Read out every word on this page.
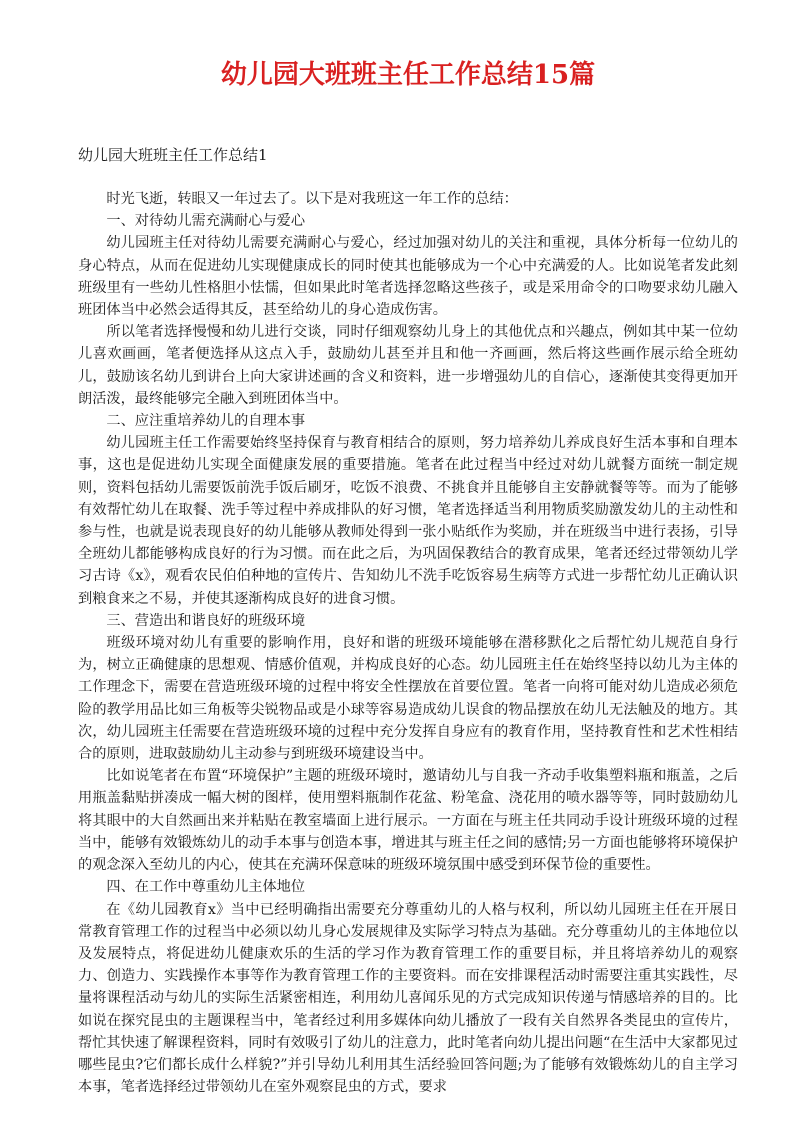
幼儿园大班班主任工作总结15篇
幼儿园大班班主任工作总结1

时光飞逝，转眼又一年过去了。以下是对我班这一年工作的总结：

一、对待幼儿需充满耐心与爱心

幼儿园班主任对待幼儿需要充满耐心与爱心，经过加强对幼儿的关注和重视，具体分析每一位幼儿的身心特点，从而在促进幼儿实现健康成长的同时使其也能够成为一个心中充满爱的人。比如说笔者发此刻班级里有一些幼儿性格胆小怯懦，但如果此时笔者选择忽略这些孩子，或是采用命令的口吻要求幼儿融入班团体当中必然会适得其反，甚至给幼儿的身心造成伤害。

所以笔者选择慢慢和幼儿进行交谈，同时仔细观察幼儿身上的其他优点和兴趣点，例如其中某一位幼儿喜欢画画，笔者便选择从这点入手，鼓励幼儿甚至并且和他一齐画画，然后将这些画作展示给全班幼儿，鼓励该名幼儿到讲台上向大家讲述画的含义和资料，进一步增强幼儿的自信心，逐渐使其变得更加开朗活泼，最终能够完全融入到班团体当中。

二、应注重培养幼儿的自理本事

幼儿园班主任工作需要始终坚持保育与教育相结合的原则，努力培养幼儿养成良好生活本事和自理本事，这也是促进幼儿实现全面健康发展的重要措施。笔者在此过程当中经过对幼儿就餐方面统一制定规则，资料包括幼儿需要饭前洗手饭后刷牙，吃饭不浪费、不挑食并且能够自主安静就餐等等。而为了能够有效帮忙幼儿在取餐、洗手等过程中养成排队的好习惯，笔者选择适当利用物质奖励激发幼儿的主动性和参与性，也就是说表现良好的幼儿能够从教师处得到一张小贴纸作为奖励，并在班级当中进行表扬，引导全班幼儿都能够构成良好的行为习惯。而在此之后，为巩固保教结合的教育成果，笔者还经过带领幼儿学习古诗《x》，观看农民伯伯种地的宣传片、告知幼儿不洗手吃饭容易生病等方式进一步帮忙幼儿正确认识到粮食来之不易，并使其逐渐构成良好的进食习惯。

三、营造出和谐良好的班级环境

班级环境对幼儿有重要的影响作用，良好和谐的班级环境能够在潜移默化之后帮忙幼儿规范自身行为，树立正确健康的思想观、情感价值观，并构成良好的心态。幼儿园班主任在始终坚持以幼儿为主体的工作理念下，需要在营造班级环境的过程中将安全性摆放在首要位置。笔者一向将可能对幼儿造成必须危险的教学用品比如三角板等尖锐物品或是小球等容易造成幼儿误食的物品摆放在幼儿无法触及的地方。其次，幼儿园班主任需要在营造班级环境的过程中充分发挥自身应有的教育作用，坚持教育性和艺术性相结合的原则，进取鼓励幼儿主动参与到班级环境建设当中。

比如说笔者在布置“环境保护”主题的班级环境时，邀请幼儿与自我一齐动手收集塑料瓶和瓶盖，之后用瓶盖黏贴拼凑成一幅大树的图样，使用塑料瓶制作花盆、粉笔盒、浇花用的喷水器等等，同时鼓励幼儿将其眼中的大自然画出来并粘贴在教室墙面上进行展示。一方面在与班主任共同动手设计班级环境的过程当中，能够有效锻炼幼儿的动手本事与创造本事，增进其与班主任之间的感情;另一方面也能够将环境保护的观念深入至幼儿的内心，使其在充满环保意味的班级环境氛围中感受到环保节俭的重要性。

四、在工作中尊重幼儿主体地位

在《幼儿园教育x》当中已经明确指出需要充分尊重幼儿的人格与权利，所以幼儿园班主任在开展日常教育管理工作的过程当中必须以幼儿身心发展规律及实际学习特点为基础。充分尊重幼儿的主体地位以及发展特点，将促进幼儿健康欢乐的生活的学习作为教育管理工作的重要目标，并且将培养幼儿的观察力、创造力、实践操作本事等作为教育管理工作的主要资料。而在安排课程活动时需要注重其实践性，尽量将课程活动与幼儿的实际生活紧密相连，利用幼儿喜闻乐见的方式完成知识传递与情感培养的目的。比如说在探究昆虫的主题课程当中，笔者经过利用多媒体向幼儿播放了一段有关自然界各类昆虫的宣传片，帮忙其快速了解课程资料，同时有效吸引了幼儿的注意力，此时笔者向幼儿提出问题“在生活中大家都见过哪些昆虫?它们都长成什么样貌?”并引导幼儿利用其生活经验回答问题;为了能够有效锻炼幼儿的自主学习本事，笔者选择经过带领幼儿在室外观察昆虫的方式，要求
